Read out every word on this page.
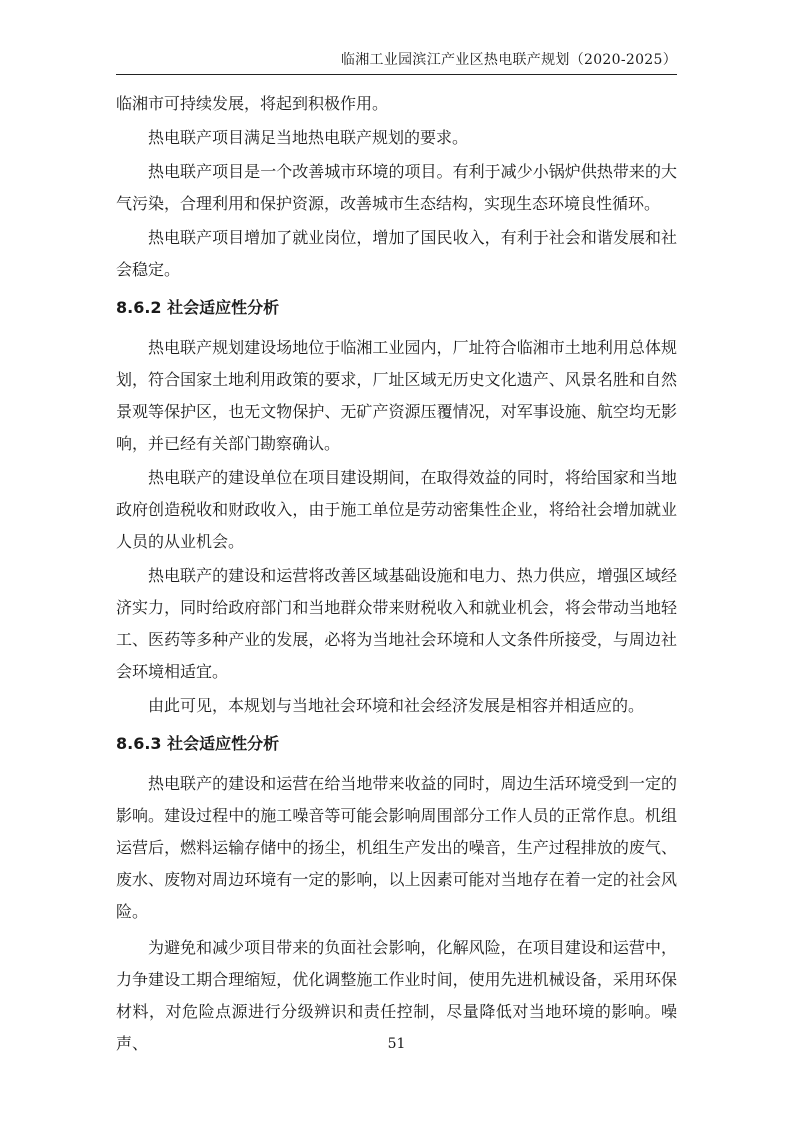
临湘工业园滨江产业区热电联产规划（2020-2025）

临湘市可持续发展，将起到积极作用。

热电联产项目满足当地热电联产规划的要求。

热电联产项目是一个改善城市环境的项目。有利于减少小锅炉供热带来的大气污染，合理利用和保护资源，改善城市生态结构，实现生态环境良性循环。

热电联产项目增加了就业岗位，增加了国民收入，有利于社会和谐发展和社会稳定。

8.6.2 社会适应性分析

热电联产规划建设场地位于临湘工业园内，厂址符合临湘市土地利用总体规划，符合国家土地利用政策的要求，厂址区域无历史文化遗产、风景名胜和自然景观等保护区，也无文物保护、无矿产资源压覆情况，对军事设施、航空均无影响，并已经有关部门勘察确认。

热电联产的建设单位在项目建设期间，在取得效益的同时，将给国家和当地政府创造税收和财政收入，由于施工单位是劳动密集性企业，将给社会增加就业人员的从业机会。

热电联产的建设和运营将改善区域基础设施和电力、热力供应，增强区域经济实力，同时给政府部门和当地群众带来财税收入和就业机会，将会带动当地轻工、医药等多种产业的发展，必将为当地社会环境和人文条件所接受，与周边社会环境相适宜。

由此可见，本规划与当地社会环境和社会经济发展是相容并相适应的。

8.6.3 社会适应性分析

热电联产的建设和运营在给当地带来收益的同时，周边生活环境受到一定的影响。建设过程中的施工噪音等可能会影响周围部分工作人员的正常作息。机组运营后，燃料运输存储中的扬尘，机组生产发出的噪音，生产过程排放的废气、废水、废物对周边环境有一定的影响，以上因素可能对当地存在着一定的社会风险。

为避免和减少项目带来的负面社会影响，化解风险，在项目建设和运营中，力争建设工期合理缩短，优化调整施工作业时间，使用先进机械设备，采用环保材料，对危险点源进行分级辨识和责任控制，尽量降低对当地环境的影响。噪声、	51
